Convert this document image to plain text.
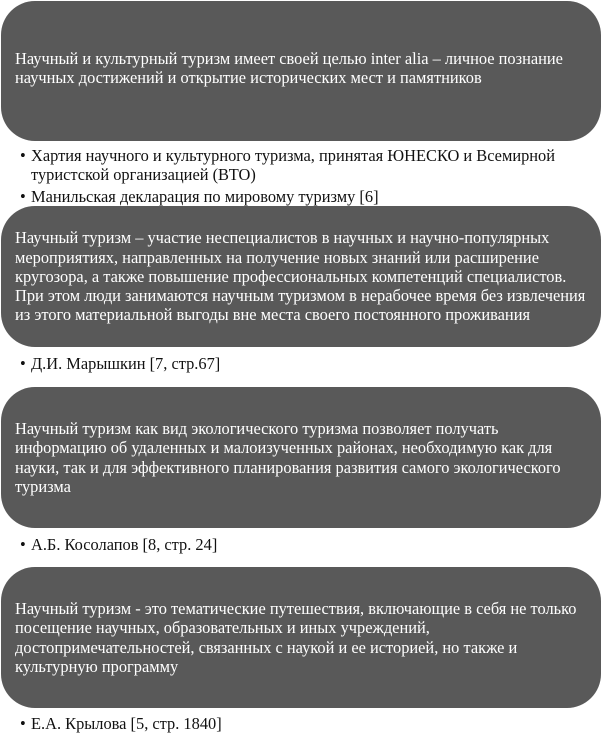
Научный и культурный туризм имеет своей целью inter alia – личное познание научных достижений и открытие исторических мест и памятников
• Хартия научного и культурного туризма, принятая ЮНЕСКО и Всемирной туристской организацией (ВТО)
• Манильская декларация по мировому туризму [6]
Научный туризм – участие неспециалистов в научных и научно-популярных мероприятиях, направленных на получение новых знаний или расширение кругозора, а также повышение профессиональных компетенций специалистов. При этом люди занимаются научным туризмом в нерабочее время без извлечения из этого материальной выгоды вне места своего постоянного проживания
• Д.И. Марышкин [7, стр.67]
Научный туризм как вид экологического туризма позволяет получать информацию об удаленных и малоизученных районах, необходимую как для науки, так и для эффективного планирования развития самого экологического туризма
• А.Б. Косолапов [8, стр. 24]
Научный туризм - это тематические путешествия, включающие в себя не только посещение научных, образовательных и иных учреждений, достопримечательностей, связанных с наукой и ее историей, но также и культурную программу
• Е.А. Крылова [5, стр. 1840]
